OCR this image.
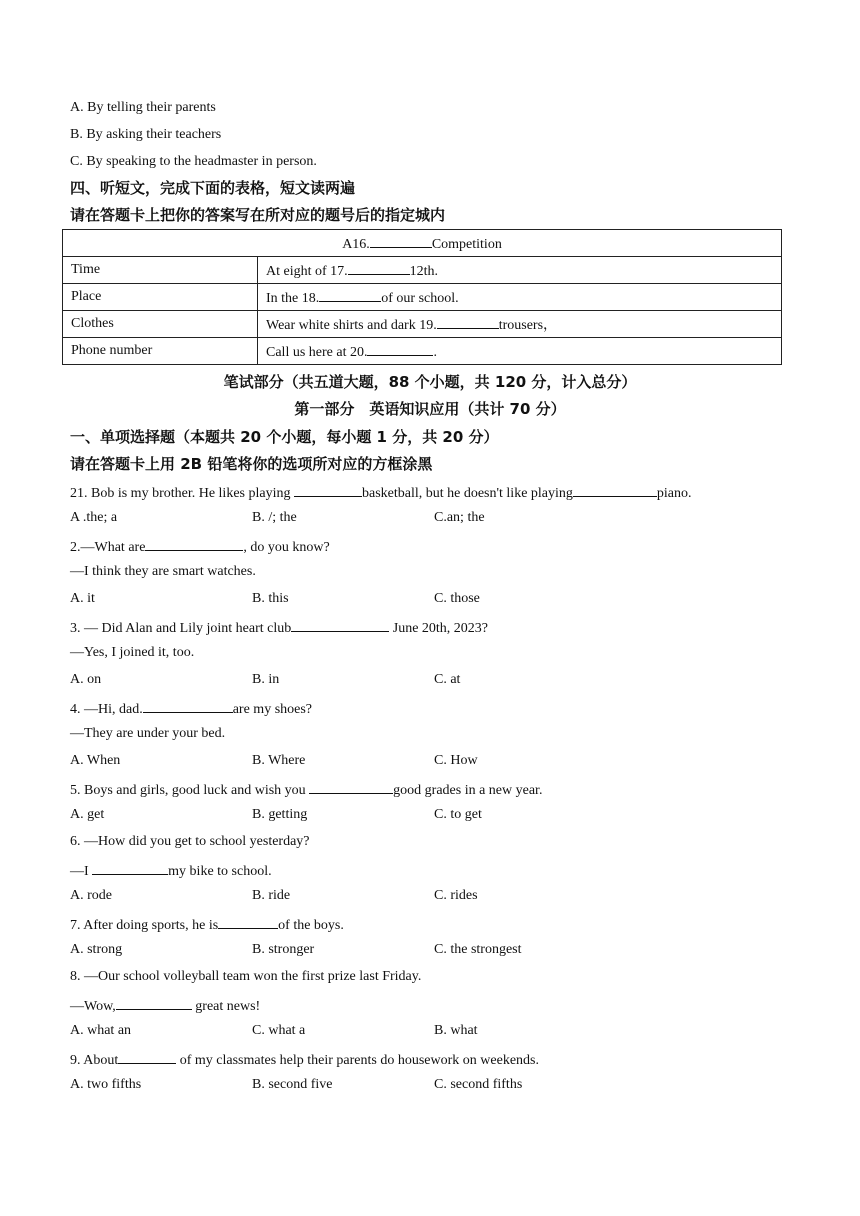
A. By telling their parents
B. By asking their teachers
C. By speaking to the headmaster in person.
四、听短文，完成下面的表格，短文读两遍
请在答题卡上把你的答案写在所对应的题号后的指定城内
A16. Competition	
Time	At eight of 17. 12th.
Place	In the 18. of our school.
Clothes	Wear white shirts and dark 19. trousers，
Phone number	Call us here at 20. .
笔试部分（共五道大题，88 个小题，共 120 分，计入总分）
第一部分　英语知识应用（共计 70 分）
一、单项选择题（本题共 20 个小题，每小题 1 分，共 20 分）
请在答题卡上用 2B 铅笔将你的选项所对应的方框涂黑
21. Bob is my brother. He likes playing	basketball, but he doesn't like playing	piano.
A .the; a	B. /; the	C.an; the
2.—What are	, do you know?
—I think they are smart watches.
A. it	B. this	C. those
3. — Did Alan and Lily joint heart club	June 20th, 2023?
—Yes, I joined it, too.
A. on	B. in	C. at
4. —Hi, dad.	are my shoes?
—They are under your bed.
A. When	B. Where	C. How
5. Boys and girls, good luck and wish you	good grades in a new year.
A. get	B. getting	C. to get
6. —How did you get to school yesterday?
—I	my bike to school.
A. rode	B. ride	C. rides
7. After doing sports, he is	of the boys.
A. strong	B. stronger	C. the strongest
8. —Our school volleyball team won the first prize last Friday.
—Wow,	great news!
A. what an	C. what a	B. what
9. About	of my classmates help their parents do housework on weekends.
A. two fifths	B. second five	C. second fifths
